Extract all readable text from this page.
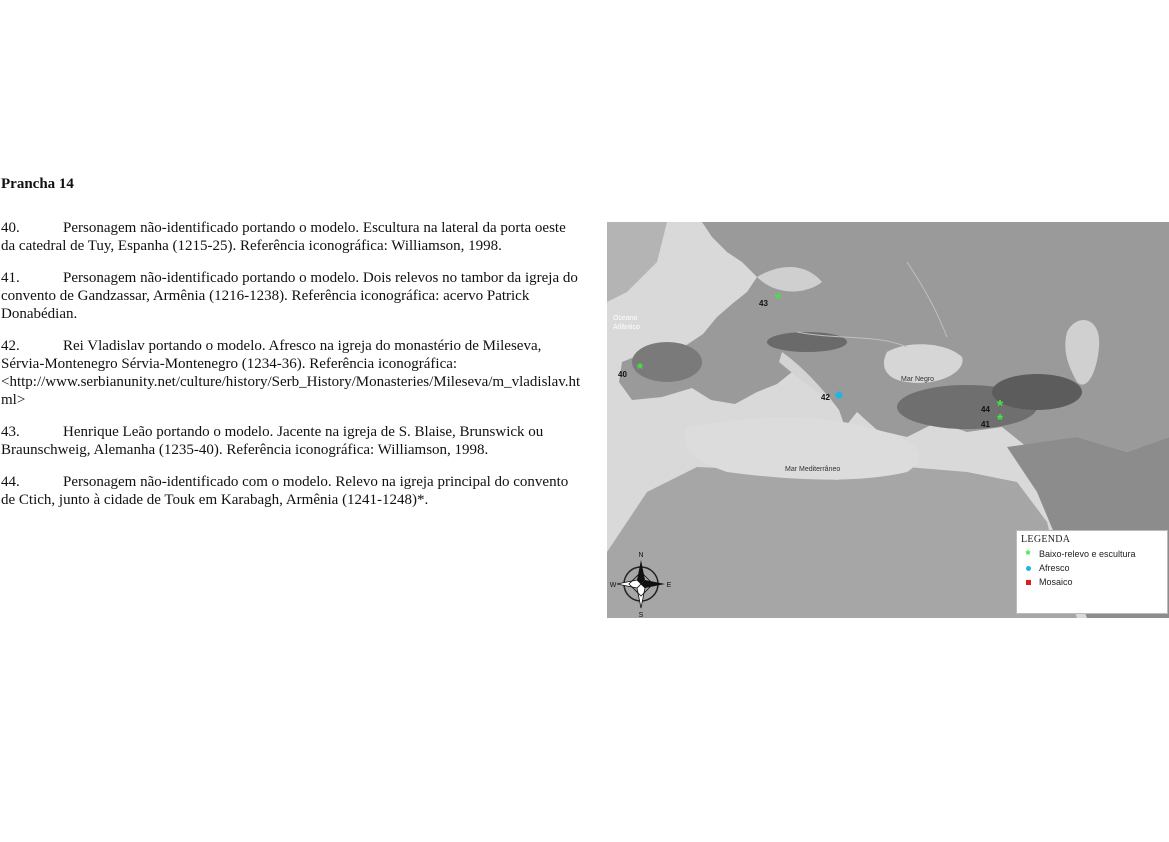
Prancha 14

40.	Personagem não-identificado portando o modelo. Escultura na lateral da porta oeste da catedral de Tuy, Espanha (1215-25). Referência iconográfica: Williamson, 1998.

41.	Personagem não-identificado portando o modelo. Dois relevos no tambor da igreja do convento de Gandzassar, Armênia (1216-1238). Referência iconográfica: acervo Patrick Donabédian.

42.	Rei Vladislav portando o modelo. Afresco na igreja do monastério de Mileseva, Sérvia-Montenegro Sérvia-Montenegro (1234-36). Referência iconográfica:
<http://www.serbianunity.net/culture/history/Serb_History/Monasteries/Mileseva/m_vladislav.html>

43.	Henrique Leão portando o modelo. Jacente na igreja de S. Blaise, Brunswick ou Braunschweig, Alemanha (1235-40). Referência iconográfica: Williamson, 1998.

44.	Personagem não-identificado com o modelo. Relevo na igreja principal do convento de Ctich, junto à cidade de Touk em Karabagh, Armênia (1241-1248)*.

Oceano
Atlântico
Mar Negro
Mar Mediterrâneo
40 *
43 *
42
44 *
41 *
N
S
E
W
LEGENDA
* Baixo-relevo e escultura
Afresco
Mosaico
